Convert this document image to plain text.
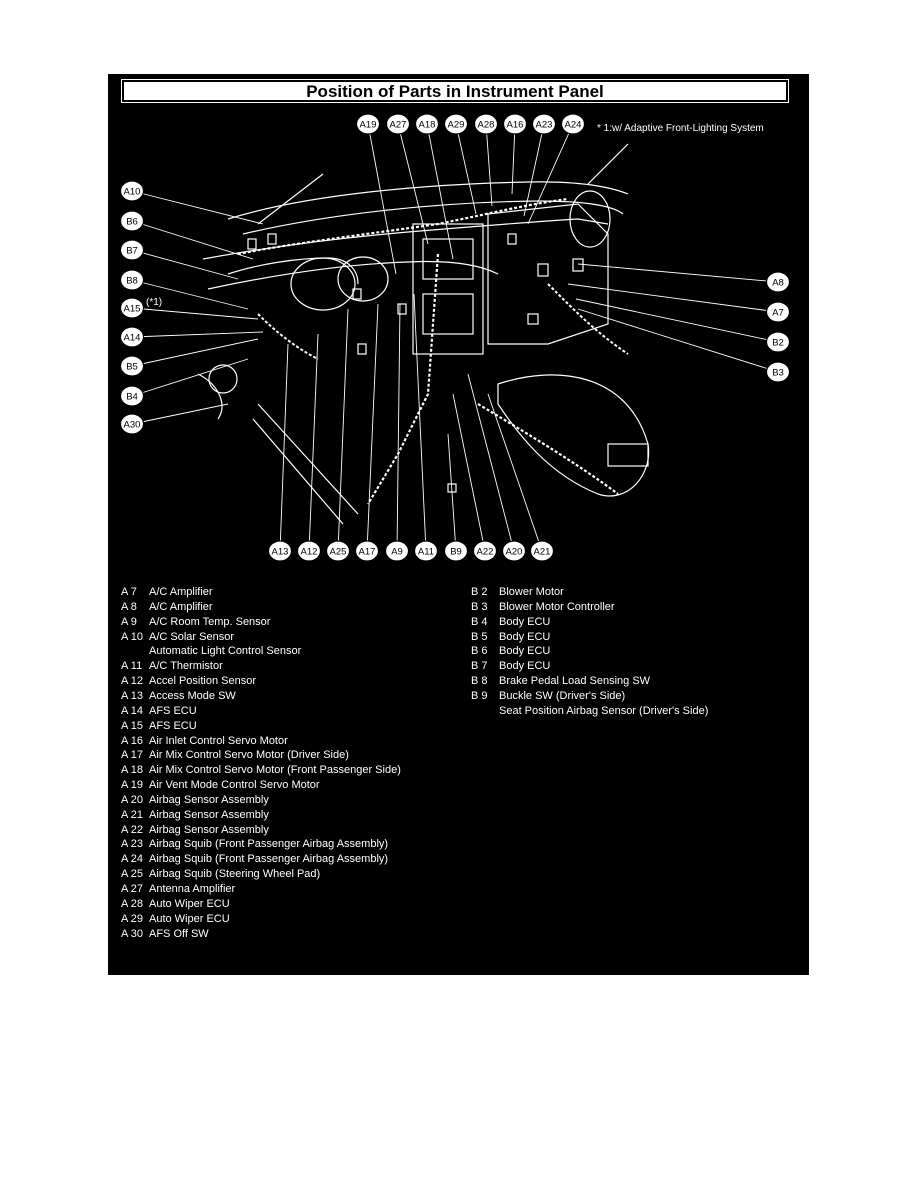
Position of Parts in Instrument Panel
* 1:w/ Adaptive Front-Lighting System
A19 A27 A18 A29 A28 A16 A23 A24
A10
B6
B7
B8
A15
A14
B5
B4
A30
A8
A7
B2
B3
A13 A12 A25 A17 A9 A11 B9 A22 A20 A21
(*1)
A 7 A/C Amplifier
A 8 A/C Amplifier
A 9 A/C Room Temp. Sensor
A 10 A/C Solar Sensor
Automatic Light Control Sensor
A 11 A/C Thermistor
A 12 Accel Position Sensor
A 13 Access Mode SW
A 14 AFS ECU
A 15 AFS ECU
A 16 Air Inlet Control Servo Motor
A 17 Air Mix Control Servo Motor (Driver Side)
A 18 Air Mix Control Servo Motor (Front Passenger Side)
A 19 Air Vent Mode Control Servo Motor
A 20 Airbag Sensor Assembly
A 21 Airbag Sensor Assembly
A 22 Airbag Sensor Assembly
A 23 Airbag Squib (Front Passenger Airbag Assembly)
A 24 Airbag Squib (Front Passenger Airbag Assembly)
A 25 Airbag Squib (Steering Wheel Pad)
A 27 Antenna Amplifier
A 28 Auto Wiper ECU
A 29 Auto Wiper ECU
A 30 AFS Off SW
B 2 Blower Motor
B 3 Blower Motor Controller
B 4 Body ECU
B 5 Body ECU
B 6 Body ECU
B 7 Body ECU
B 8 Brake Pedal Load Sensing SW
B 9 Buckle SW (Driver's Side)
Seat Position Airbag Sensor (Driver's Side)
